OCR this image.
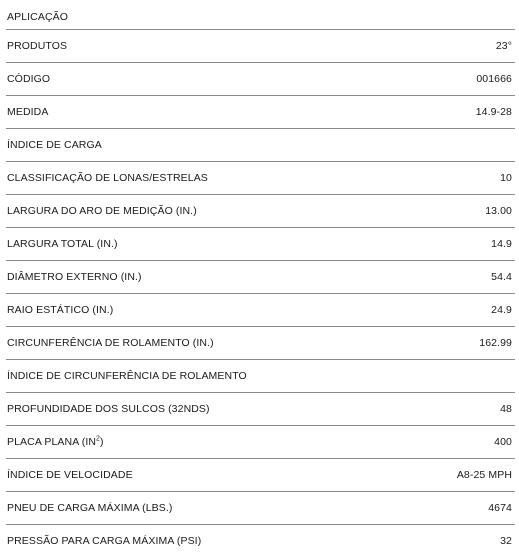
APLICAÇÃO
PRODUTOS	23°
CÓDIGO	001666
MEDIDA	14.9-28
ÍNDICE DE CARGA
CLASSIFICAÇÃO DE LONAS/ESTRELAS	10
LARGURA DO ARO DE MEDIÇÃO (IN.)	13.00
LARGURA TOTAL (IN.)	14.9
DIÂMETRO EXTERNO (IN.)	54.4
RAIO ESTÁTICO (IN.)	24.9
CIRCUNFERÊNCIA DE ROLAMENTO (IN.)	162.99
ÍNDICE DE CIRCUNFERÊNCIA DE ROLAMENTO
PROFUNDIDADE DOS SULCOS (32NDS)	48
PLACA PLANA $(IN^2)$	400
ÍNDICE DE VELOCIDADE	A8-25 MPH
PNEU DE CARGA MÁXIMA (LBS.)	4674
PRESSÃO PARA CARGA MÁXIMA (PSI)	32
